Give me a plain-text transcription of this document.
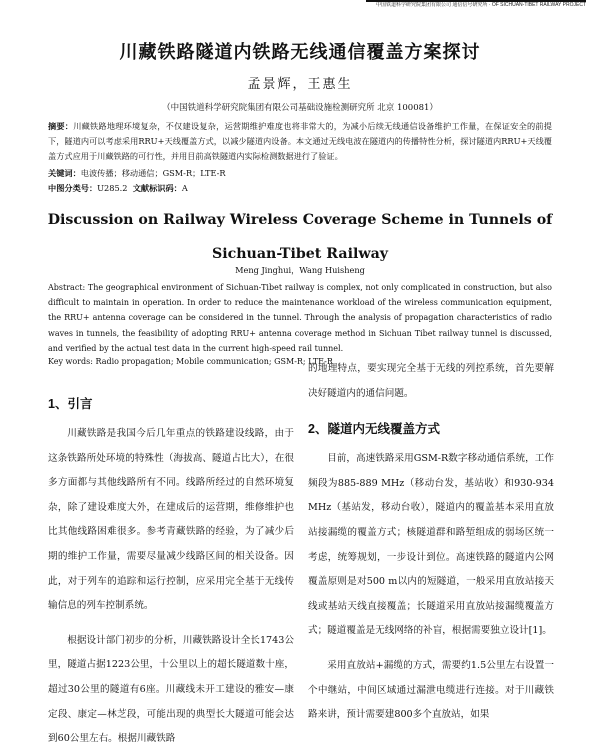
中国铁道科学研究院集团有限公司 通信信号研究所 · OF SICHUAN-TIBET RAILWAY PROJECT
川藏铁路隧道内铁路无线通信覆盖方案探讨
孟景辉，王惠生
（中国铁道科学研究院集团有限公司基础设施检测研究所 北京 100081）
摘要：川藏铁路地理环境复杂，不仅建设复杂，运营期维护难度也将非常大的，为减小后续无线通信设备维护工作量，在保证安全的前提下，隧道内可以考虑采用RRU+天线覆盖方式，以减少隧道内设备。本文通过无线电波在隧道内的传播特性分析，探讨隧道内RRU+天线覆盖方式应用于川藏铁路的可行性，并用目前高铁隧道内实际检测数据进行了验证。
关键词：电波传播；移动通信；GSM-R；LTE-R
中图分类号：U285.2 文献标识码：A
Discussion on Railway Wireless Coverage Scheme in Tunnels of Sichuan-Tibet Railway
Meng Jinghui，Wang Huisheng
Abstract: The geographical environment of Sichuan-Tibet railway is complex, not only complicated in construction, but also difficult to maintain in operation. In order to reduce the maintenance workload of the wireless communication equipment, the RRU+ antenna coverage can be considered in the tunnel. Through the analysis of propagation characteristics of radio waves in tunnels, the feasibility of adopting RRU+ antenna coverage method in Sichuan Tibet railway tunnel is discussed, and verified by the actual test data in the current high-speed rail tunnel.
Key words: Radio propagation; Mobile communication; GSM-R; LTE-R
1、引言

川藏铁路是我国今后几年重点的铁路建设线路，由于这条铁路所处环境的特殊性（海拔高、隧道占比大），在很多方面都与其他线路所有不同。线路所经过的自然环境复杂，除了建设难度大外，在建成后的运营期，维修维护也比其他线路困难很多。参考青藏铁路的经验，为了减少后期的维护工作量，需要尽量减少线路区间的相关设备。因此，对于列车的追踪和运行控制，应采用完全基于无线传输信息的列车控制系统。

根据设计部门初步的分析，川藏铁路设计全长1743公里，隧道占据1223公里，十公里以上的超长隧道数十座，超过30公里的隧道有6座。川藏线未开工建设的雅安—康定段、康定—林芝段，可能出现的典型长大隧道可能会达到60公里左右。根据川藏铁路

的地理特点，要实现完全基于无线的列控系统，首先要解决好隧道内的通信问题。

2、隧道内无线覆盖方式

目前，高速铁路采用GSM-R数字移动通信系统，工作频段为885-889 MHz（移动台发，基站收）和930-934 MHz（基站发，移动台收），隧道内的覆盖基本采用直放站接漏缆的覆盖方式；核隧道群和路堑组成的弱场区统一考虑，统筹规划，一步设计到位。高速铁路的隧道内公网覆盖原则是对500 m以内的短隧道，一般采用直放站接天线或基站天线直接覆盖；长隧道采用直放站接漏缆覆盖方式；隧道覆盖是无线网络的补盲，根据需要独立设计[1]。

采用直放站+漏缆的方式，需要约1.5公里左右设置一个中继站，中间区域通过漏泄电缆进行连接。对于川藏铁路来讲，预计需要建800多个直放站，如果
